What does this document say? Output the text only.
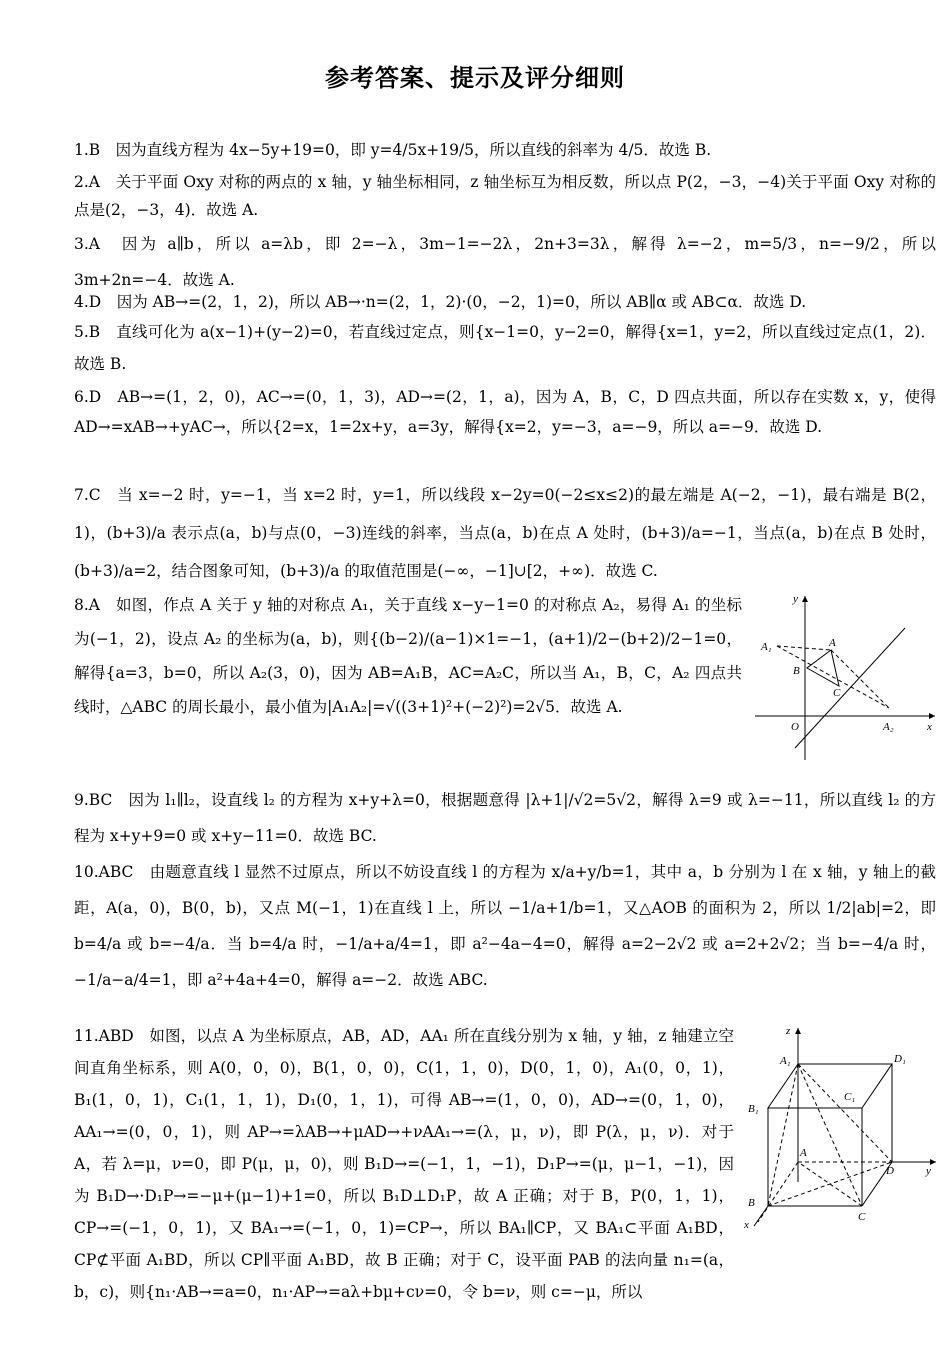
参考答案、提示及评分细则

1.B　因为直线方程为 4x−5y+19=0，即 y=4/5x+19/5，所以直线的斜率为 4/5．故选 B.

2.A　关于平面 Oxy 对称的两点的 x 轴，y 轴坐标相同，z 轴坐标互为相反数，所以点 P(2，−3，−4)关于平面 Oxy 对称的点是(2，−3，4)．故选 A.

3.A　因为 a∥b，所以 a=λb，即 2=−λ，3m−1=−2λ，2n+3=3λ，解得 λ=−2，m=5/3，n=−9/2，所以 3m+2n=−4．故选 A.

4.D　因为 AB→=(2，1，2)，所以 AB→·n=(2，1，2)·(0，−2，1)=0，所以 AB∥α 或 AB⊂α．故选 D.

5.B　直线可化为 a(x−1)+(y−2)=0，若直线过定点，则{x−1=0，y−2=0，解得{x=1，y=2，所以直线过定点(1，2)．故选 B.

6.D　AB→=(1，2，0)，AC→=(0，1，3)，AD→=(2，1，a)，因为 A，B，C，D 四点共面，所以存在实数 x，y，使得 AD→=xAB→+yAC→，所以{2=x，1=2x+y，a=3y，解得{x=2，y=−3，a=−9，所以 a=−9．故选 D.

7.C　当 x=−2 时，y=−1，当 x=2 时，y=1，所以线段 x−2y=0(−2≤x≤2)的最左端是 A(−2，−1)，最右端是 B(2，1)，(b+3)/a 表示点(a，b)与点(0，−3)连线的斜率，当点(a，b)在点 A 处时，(b+3)/a=−1，当点(a，b)在点 B 处时，(b+3)/a=2，结合图象可知，(b+3)/a 的取值范围是(−∞，−1]∪[2，+∞)．故选 C.

8.A　如图，作点 A 关于 y 轴的对称点 A₁，关于直线 x−y−1=0 的对称点 A₂，易得 A₁ 的坐标为(−1，2)，设点 A₂ 的坐标为(a，b)，则{(b−2)/(a−1)×1=−1，(a+1)/2−(b+2)/2−1=0，解得{a=3，b=0，所以 A₂(3，0)，因为 AB=A₁B，AC=A₂C，所以当 A₁，B，C，A₂ 四点共线时，△ABC 的周长最小，最小值为|A₁A₂|=√((3+1)²+(−2)²)=2√5．故选 A.

9.BC　因为 l₁∥l₂，设直线 l₂ 的方程为 x+y+λ=0，根据题意得 |λ+1|/√2=5√2，解得 λ=9 或 λ=−11，所以直线 l₂ 的方程为 x+y+9=0 或 x+y−11=0．故选 BC.

10.ABC　由题意直线 l 显然不过原点，所以不妨设直线 l 的方程为 x/a+y/b=1，其中 a，b 分别为 l 在 x 轴，y 轴上的截距，A(a，0)，B(0，b)，又点 M(−1，1)在直线 l 上，所以 −1/a+1/b=1，又△AOB 的面积为 2，所以 1/2|ab|=2，即 b=4/a 或 b=−4/a．当 b=4/a 时，−1/a+a/4=1，即 a²−4a−4=0，解得 a=2−2√2 或 a=2+2√2；当 b=−4/a 时，−1/a−a/4=1，即 a²+4a+4=0，解得 a=−2．故选 ABC.

11.ABD　如图，以点 A 为坐标原点，AB，AD，AA₁ 所在直线分别为 x 轴，y 轴，z 轴建立空间直角坐标系，则 A(0，0，0)，B(1，0，0)，C(1，1，0)，D(0，1，0)，A₁(0，0，1)，B₁(1，0，1)，C₁(1，1，1)，D₁(0，1，1)，可得 AB→=(1，0，0)，AD→=(0，1，0)，AA₁→=(0，0，1)，则 AP→=λAB→+μAD→+νAA₁→=(λ，μ，ν)，即 P(λ，μ，ν)．对于 A，若 λ=μ，ν=0，即 P(μ，μ，0)，则 B₁D→=(−1，1，−1)，D₁P→=(μ，μ−1，−1)，因为 B₁D→·D₁P→=−μ+(μ−1)+1=0，所以 B₁D⊥D₁P，故 A 正确；对于 B，P(0，1，1)，CP→=(−1，0，1)，又 BA₁→=(−1，0，1)=CP→，所以 BA₁∥CP，又 BA₁⊂平面 A₁BD，CP⊄平面 A₁BD，所以 CP∥平面 A₁BD，故 B 正确；对于 C，设平面 PAB 的法向量 n₁=(a，b，c)，则{n₁·AB→=a=0，n₁·AP→=aλ+bμ+cν=0，令 b=ν，则 c=−μ，所以

y
A₁	A
B
C
O	A₂	x
z
A₁	D₁
B₁
C₁
A
D	y
B
C
x
